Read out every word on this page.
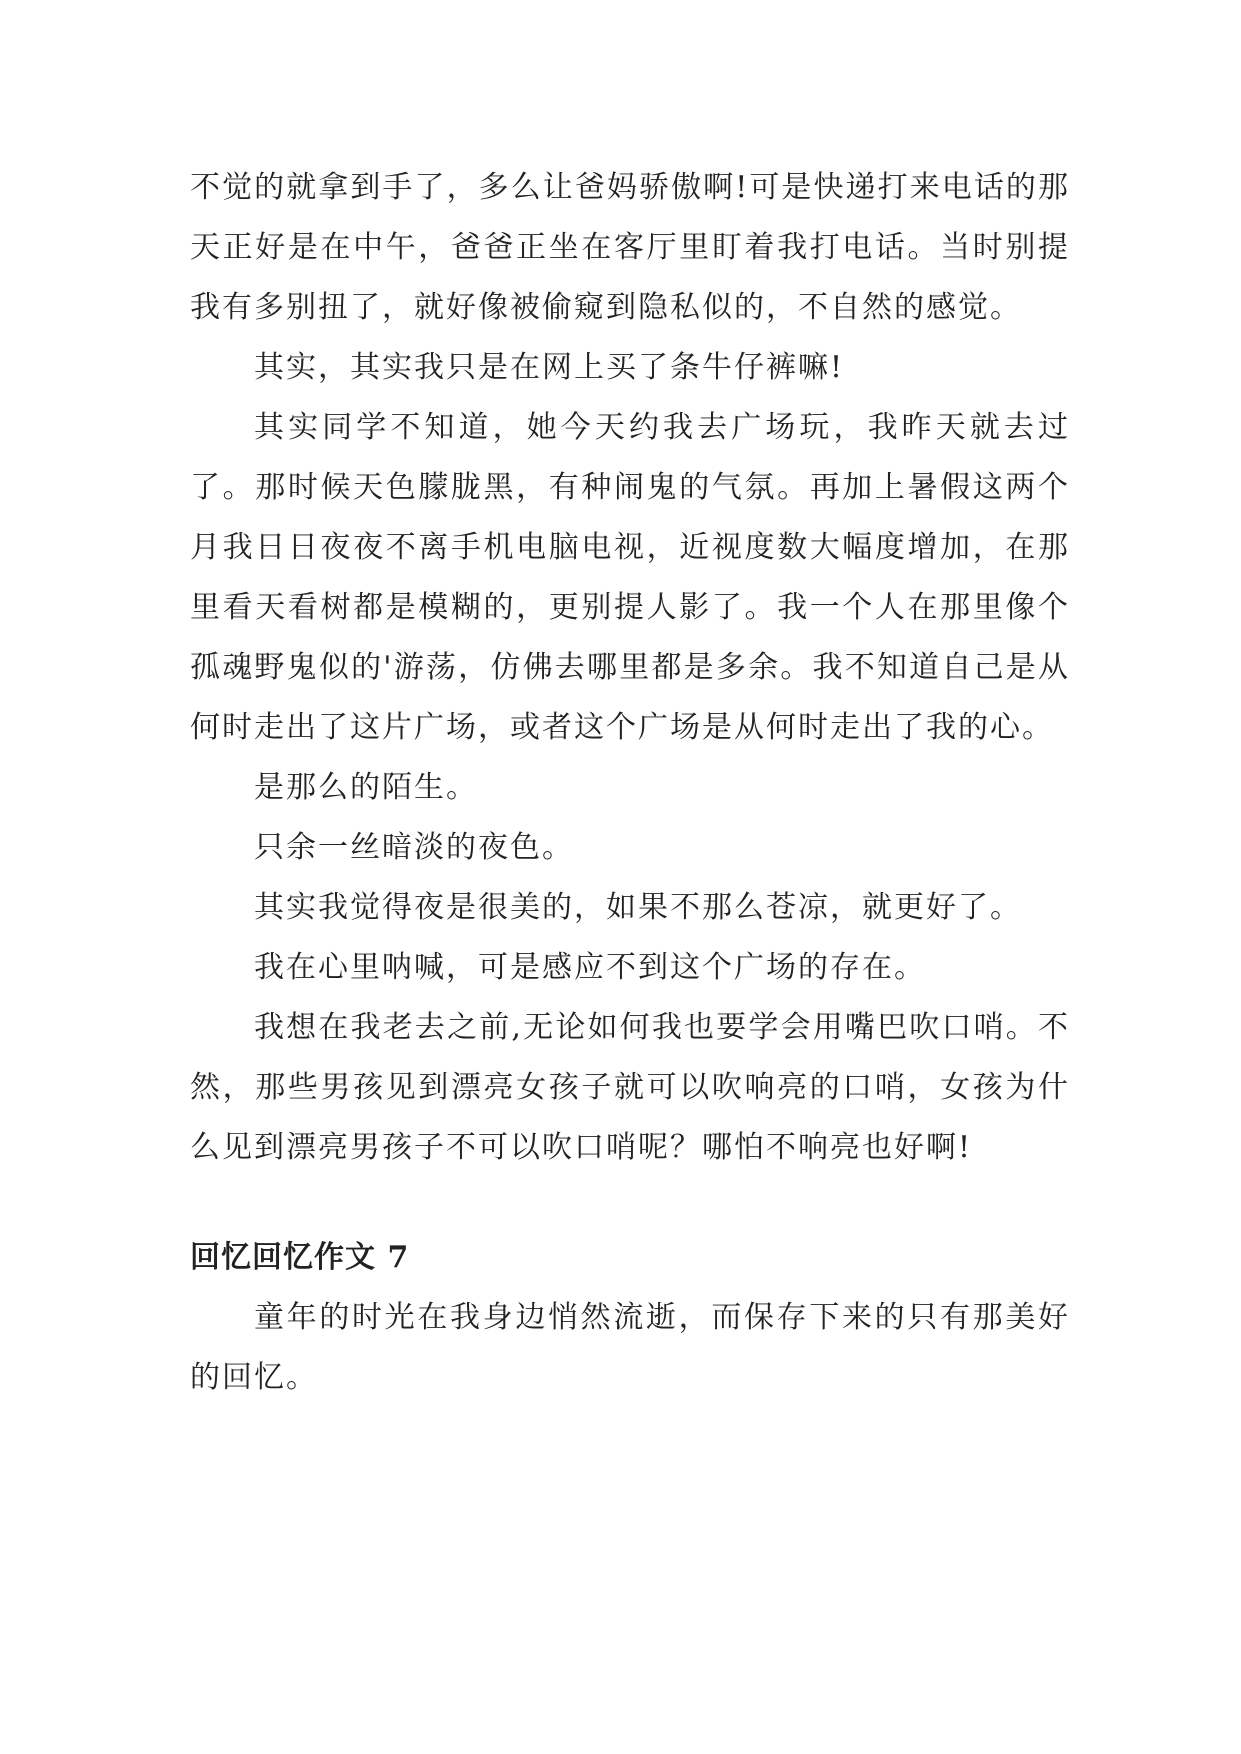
不觉的就拿到手了，多么让爸妈骄傲啊!可是快递打来电话的那天正好是在中午，爸爸正坐在客厅里盯着我打电话。当时别提我有多别扭了，就好像被偷窥到隐私似的，不自然的感觉。

其实，其实我只是在网上买了条牛仔裤嘛!

其实同学不知道，她今天约我去广场玩，我昨天就去过了。那时候天色朦胧黑，有种闹鬼的气氛。再加上暑假这两个月我日日夜夜不离手机电脑电视，近视度数大幅度增加，在那里看天看树都是模糊的，更别提人影了。我一个人在那里像个孤魂野鬼似的'游荡，仿佛去哪里都是多余。我不知道自己是从何时走出了这片广场，或者这个广场是从何时走出了我的心。

是那么的陌生。

只余一丝暗淡的夜色。

其实我觉得夜是很美的，如果不那么苍凉，就更好了。

我在心里呐喊，可是感应不到这个广场的存在。

我想在我老去之前,无论如何我也要学会用嘴巴吹口哨。不然，那些男孩见到漂亮女孩子就可以吹响亮的口哨，女孩为什么见到漂亮男孩子不可以吹口哨呢？哪怕不响亮也好啊!

回忆回忆作文 7

童年的时光在我身边悄然流逝，而保存下来的只有那美好的回忆。
